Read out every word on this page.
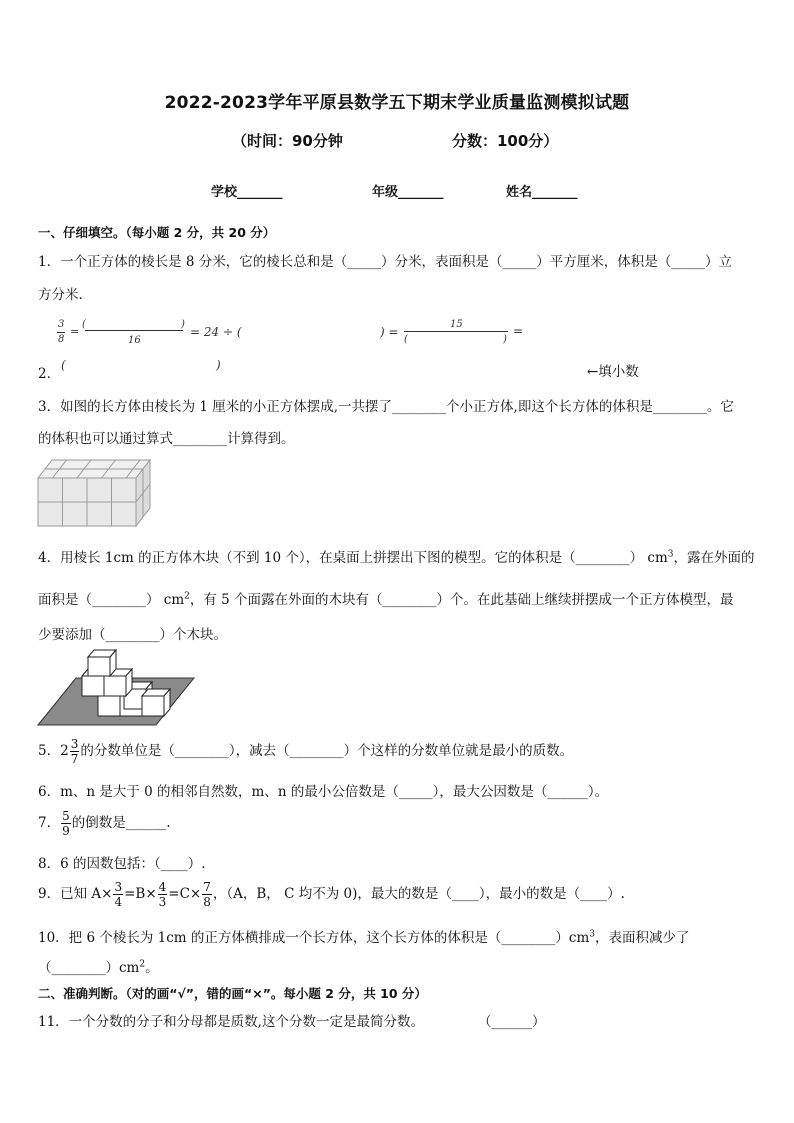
2022-2023学年平原县数学五下期末学业质量监测模拟试题
（时间：90分钟	分数：100分）
学校_______	年级_______	姓名_______
一、仔细填空。（每小题 2 分，共 20 分）
1．一个正方体的棱长是 8 分米，它的棱长总和是（_____）分米，表面积是（_____）平方厘米，体积是（_____）立
方分米．
3
8
=
(	)
16
= 24 ÷ (	) =
15
(	)
=
2．
(	)	←填小数
3．如图的长方体由棱长为 1 厘米的小正方体摆成,一共摆了________个小正方体,即这个长方体的体积是________。它
的体积也可以通过算式________计算得到。
4．用棱长 1cm 的正方体木块（不到 10 个），在桌面上拼摆出下图的模型。它的体积是（________） $cm^3$，露在外面的
面积是（________） $cm^2$，有 5 个面露在外面的木块有（________）个。在此基础上继续拼摆成一个正方体模型，最
少要添加（________）个木块。
5．$2 \frac{3}{7}$ 的分数单位是（________），减去（________）个这样的分数单位就是最小的质数。
6．m、n 是大于 0 的相邻自然数，m、n 的最小公倍数是（_____），最大公因数是（______）。
7． $\frac{5}{9}$ 的倒数是______.
8．6 的因数包括：（____）.
9．已知 $A\times \frac{3}{4} =B\times \frac{4}{3} =C\times \frac{7}{8}$ ，（A，B， C 均不为 0)，最大的数是（____），最小的数是（____）.
10．把 6 个棱长为 1cm 的正方体横排成一个长方体，这个长方体的体积是$(\_\_\_\_\_\_\_\_)cm^3$，表面积减少了
$(\_\_\_\_\_\_\_\_)cm^2$。
二、准确判断。（对的画“√”，错的画“×”。每小题 2 分，共 10 分）
11．一个分数的分子和分母都是质数,这个分数一定是最简分数。	（______）
